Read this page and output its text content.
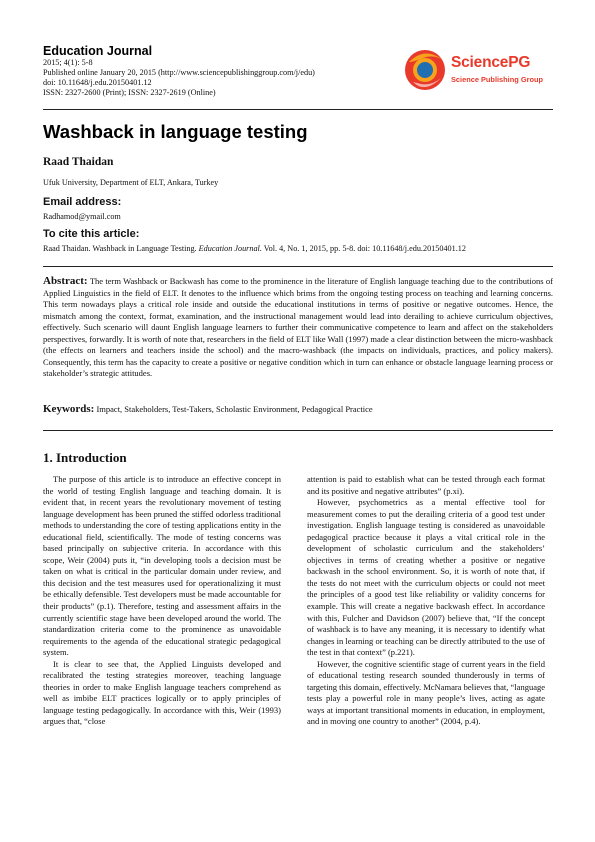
Education Journal

2015; 4(1): 5-8

Published online January 20, 2015 (http://www.sciencepublishinggroup.com/j/edu)

doi: 10.11648/j.edu.20150401.12

ISSN: 2327-2600 (Print); ISSN: 2327-2619 (Online)

SciencePG
Science Publishing Group
Washback in language testing

Raad Thaidan

Ufuk University, Department of ELT, Ankara, Turkey

Email address:

Radhamod@ymail.com

To cite this article:

Raad Thaidan. Washback in Language Testing. Education Journal. Vol. 4, No. 1, 2015, pp. 5-8. doi: 10.11648/j.edu.20150401.12

Abstract: The term Washback or Backwash has come to the prominence in the literature of English language teaching due to the contributions of Applied Linguistics in the field of ELT. It denotes to the influence which brims from the ongoing testing process on teaching and learning concerns. This term nowadays plays a critical role inside and outside the educational institutions in terms of positive or negative outcomes. Hence, the mismatch among the context, format, examination, and the instructional management would lead into derailing to achieve curriculum objectives, effectively. Such scenario will daunt English language learners to further their communicative competence to learn and affect on the stakeholders perspectives, forwardly. It is worth of note that, researchers in the field of ELT like Wall (1997) made a clear distinction between the micro-washback (the effects on learners and teachers inside the school) and the macro-washback (the impacts on individuals, practices, and policy makers). Consequently, this term has the capacity to create a positive or negative condition which in turn can enhance or obstacle language learning process or stakeholder’s strategic attitudes.

Keywords: Impact, Stakeholders, Test-Takers, Scholastic Environment, Pedagogical Practice

1. Introduction

The purpose of this article is to introduce an effective concept in the world of testing English language and teaching domain. It is evident that, in recent years the revolutionary movement of testing language development has been pruned the stiffed odorless traditional methods to understanding the core of testing applications entity in the educational field, scientifically. The mode of testing concerns was based principally on subjective criteria. In accordance with this scope, Weir (2004) puts it, “in developing tools a decision must be taken on what is critical in the particular domain under review, and this decision and the test measures used for operationalizing it must be ethically defensible. Test developers must be made accountable for their products” (p.1). Therefore, testing and assessment affairs in the currently scientific stage have been developed around the world. The standardization criteria come to the prominence as unavoidable requirements to the agenda of the educational strategic pedagogical system.

It is clear to see that, the Applied Linguists developed and recalibrated the testing strategies moreover, teaching language theories in order to make English language teachers comprehend as well as imbibe ELT practices logically or to apply principles of language testing pedagogically. In accordance with this, Weir (1993) argues that, “close

attention is paid to establish what can be tested through each format and its positive and negative attributes” (p.xi).

However, psychometrics as a mental effective tool for measurement comes to put the derailing criteria of a good test under investigation. English language testing is considered as unavoidable pedagogical practice because it plays a vital critical role in the development of scholastic curriculum and the stakeholders’ objectives in terms of creating whether a positive or negative backwash in the school environment. So, it is worth of note that, if the tests do not meet with the curriculum objects or could not meet the principles of a good test like reliability or validity concerns for example. This will create a negative backwash effect. In accordance with this, Fulcher and Davidson (2007) believe that, “If the concept of washback is to have any meaning, it is necessary to identify what changes in learning or teaching can be directly attributed to the use of the test in that context” (p.221).

However, the cognitive scientific stage of current years in the field of educational testing research sounded thunderously in terms of targeting this domain, effectively. McNamara believes that, “language tests play a powerful role in many people’s lives, acting as agate ways at important transitional moments in education, in employment, and in moving one country to another” (2004, p.4).
